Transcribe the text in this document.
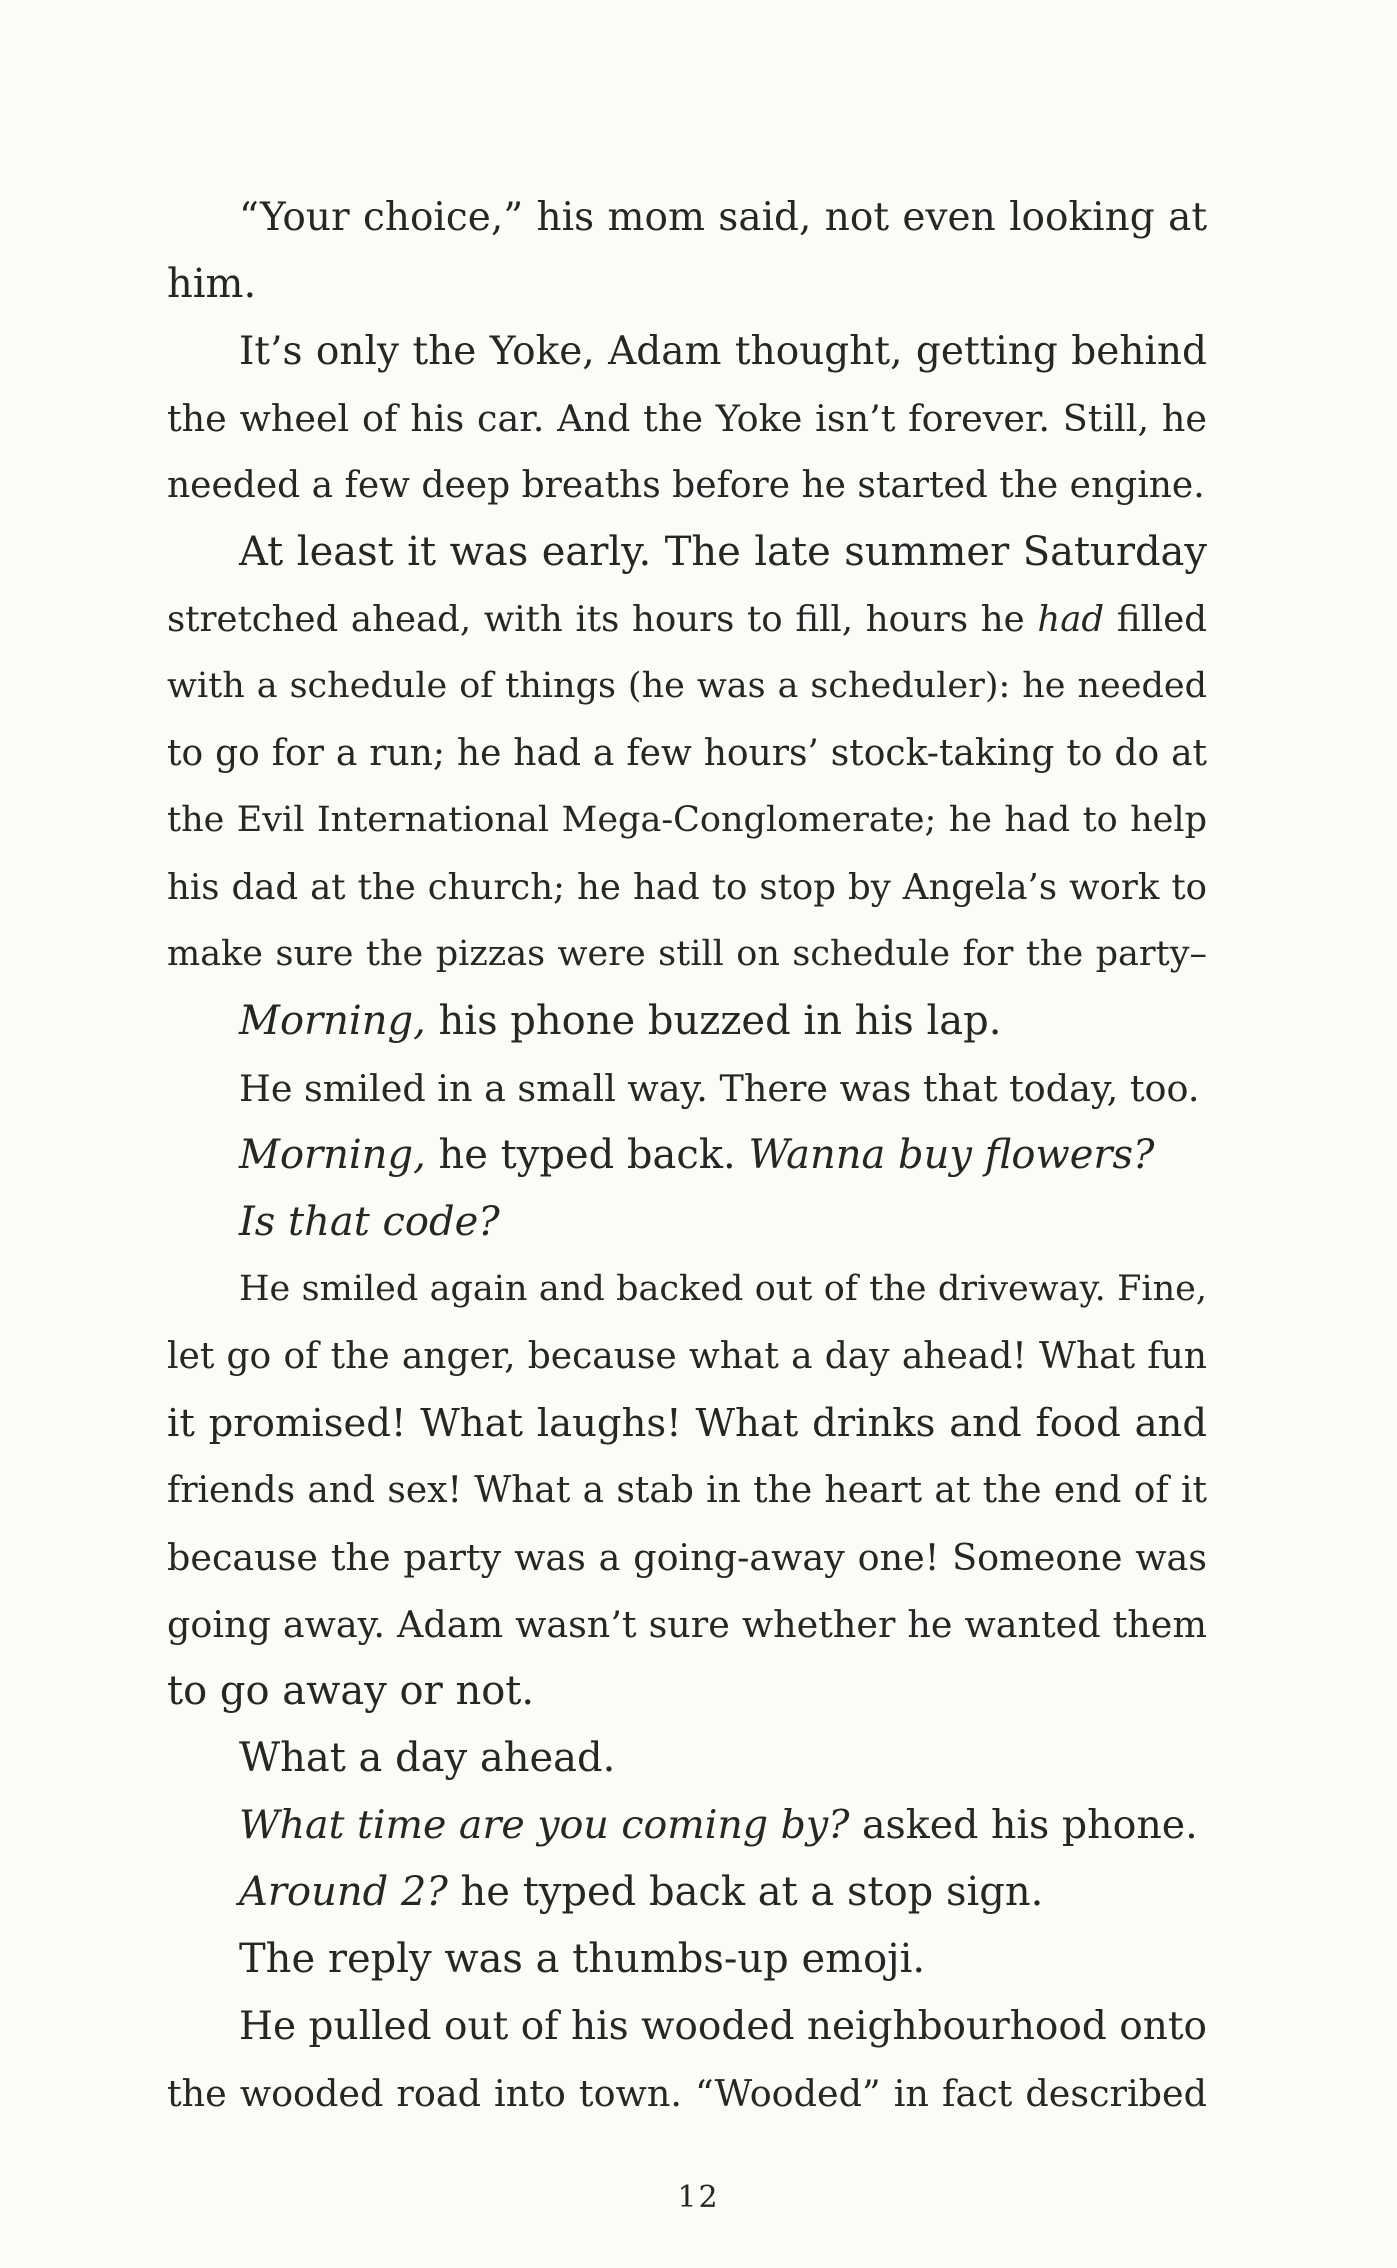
“Your choice,” his mom said, not even looking at
him.
It’s only the Yoke, Adam thought, getting behind
the wheel of his car. And the Yoke isn’t forever. Still, he
needed a few deep breaths before he started the engine.
At least it was early. The late summer Saturday
stretched ahead, with its hours to fill, hours he had filled
with a schedule of things (he was a scheduler): he needed
to go for a run; he had a few hours’ stock-taking to do at
the Evil International Mega-Conglomerate; he had to help
his dad at the church; he had to stop by Angela’s work to
make sure the pizzas were still on schedule for the party–
Morning, his phone buzzed in his lap.
He smiled in a small way. There was that today, too.
Morning, he typed back. Wanna buy flowers?
Is that code?
He smiled again and backed out of the driveway. Fine,
let go of the anger, because what a day ahead! What fun
it promised! What laughs! What drinks and food and
friends and sex! What a stab in the heart at the end of it
because the party was a going-away one! Someone was
going away. Adam wasn’t sure whether he wanted them
to go away or not.
What a day ahead.
What time are you coming by? asked his phone.
Around 2? he typed back at a stop sign.
The reply was a thumbs-up emoji.
He pulled out of his wooded neighbourhood onto
the wooded road into town. “Wooded” in fact described
12
